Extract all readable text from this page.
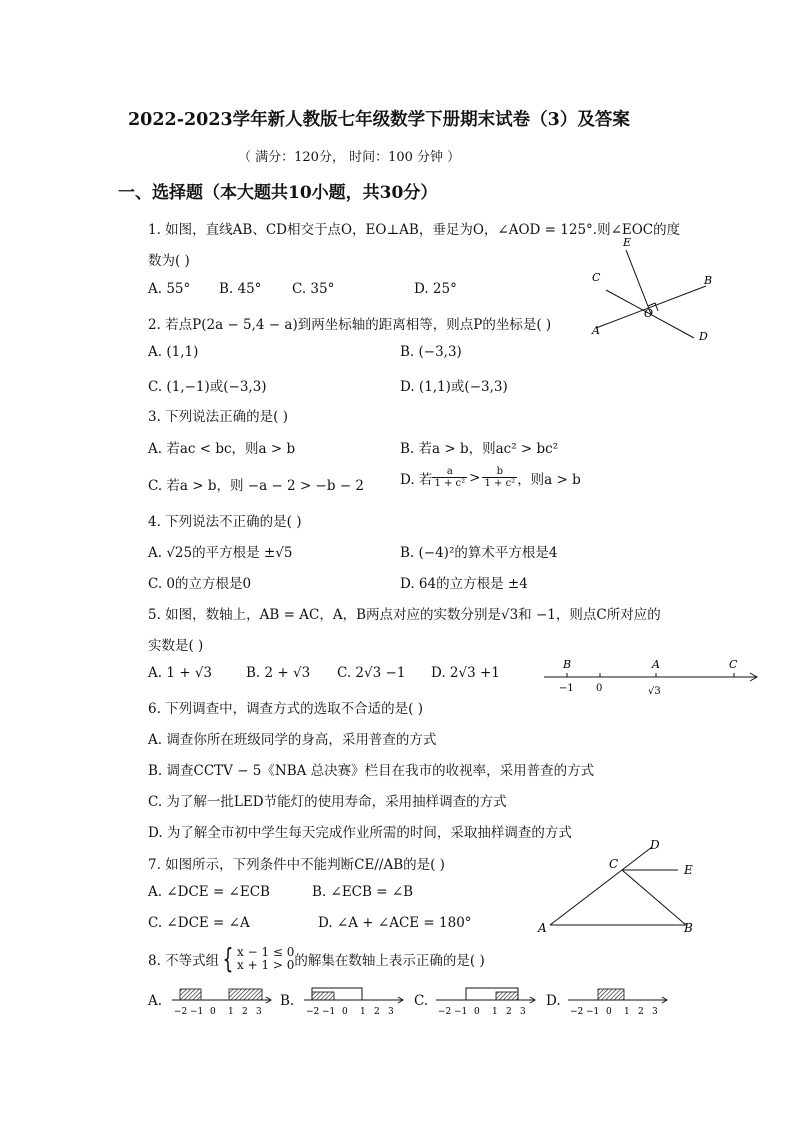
2022-2023学年新人教版七年级数学下册期末试卷（3）及答案
（ 满分：120分， 时间：100 分钟 ）
一、选择题（本大题共10小题，共30分）
1. 如图，直线AB、CD相交于点O，EO⊥AB，垂足为O，∠AOD = 125°.则∠EOC的度
数为( )
A. 55° B. 45° C. 35°	D. 25°
E
C	B
O
A	D
2. 若点P(2a − 5,4 − a)到两坐标轴的距离相等，则点P的坐标是( )
A. (1,1)	B. (−3,3)
C. (1,−1)或(−3,3)	D. (1,1)或(−3,3)
3. 下列说法正确的是( )
A. 若ac < bc，则a > b	B. 若a > b，则ac² > bc²
C. 若a > b，则 −a − 2 > −b − 2	D. 若 $\frac{a}{\text{1 + c²}} > \frac{b}{\text{1 + c²}}$ ，则a > b
4. 下列说法不正确的是( )
A. √25的平方根是 ±√5	B. (−4)²的算术平方根是4
C. 0的立方根是0	D. 64的立方根是 ±4
5. 如图，数轴上，AB = AC，A，B两点对应的实数分别是√3和 −1，则点C所对应的
实数是( )
A. 1 + √3	B. 2 + √3 C. 2√3 −1 D. 2√3 +1
B	A	C
−1 0	√3
6. 下列调查中，调查方式的选取不合适的是( )
A. 调查你所在班级同学的身高，采用普查的方式
B. 调查CCTV − 5《NBA 总决赛》栏目在我市的收视率，采用普查的方式
C. 为了解一批LED节能灯的使用寿命，采用抽样调查的方式
D. 为了解全市初中学生每天完成作业所需的时间，采取抽样调查的方式
7. 如图所示，下列条件中不能判断CE//AB的是( )
A. ∠DCE = ∠ECB	B. ∠ECB = ∠B
C. ∠DCE = ∠A	D. ∠A + ∠ACE = 180°
D
C	E
A	B
8. 不等式组 { x − 1 ≤ 0
x + 1 > 0 的解集在数轴上表示正确的是( )
A.	B.	C.	D.
−2 −1 0 1 2 3	−2 −1 0 1 2 3	−2 −1 0 1 2 3	−2 −1 0 1 2 3
